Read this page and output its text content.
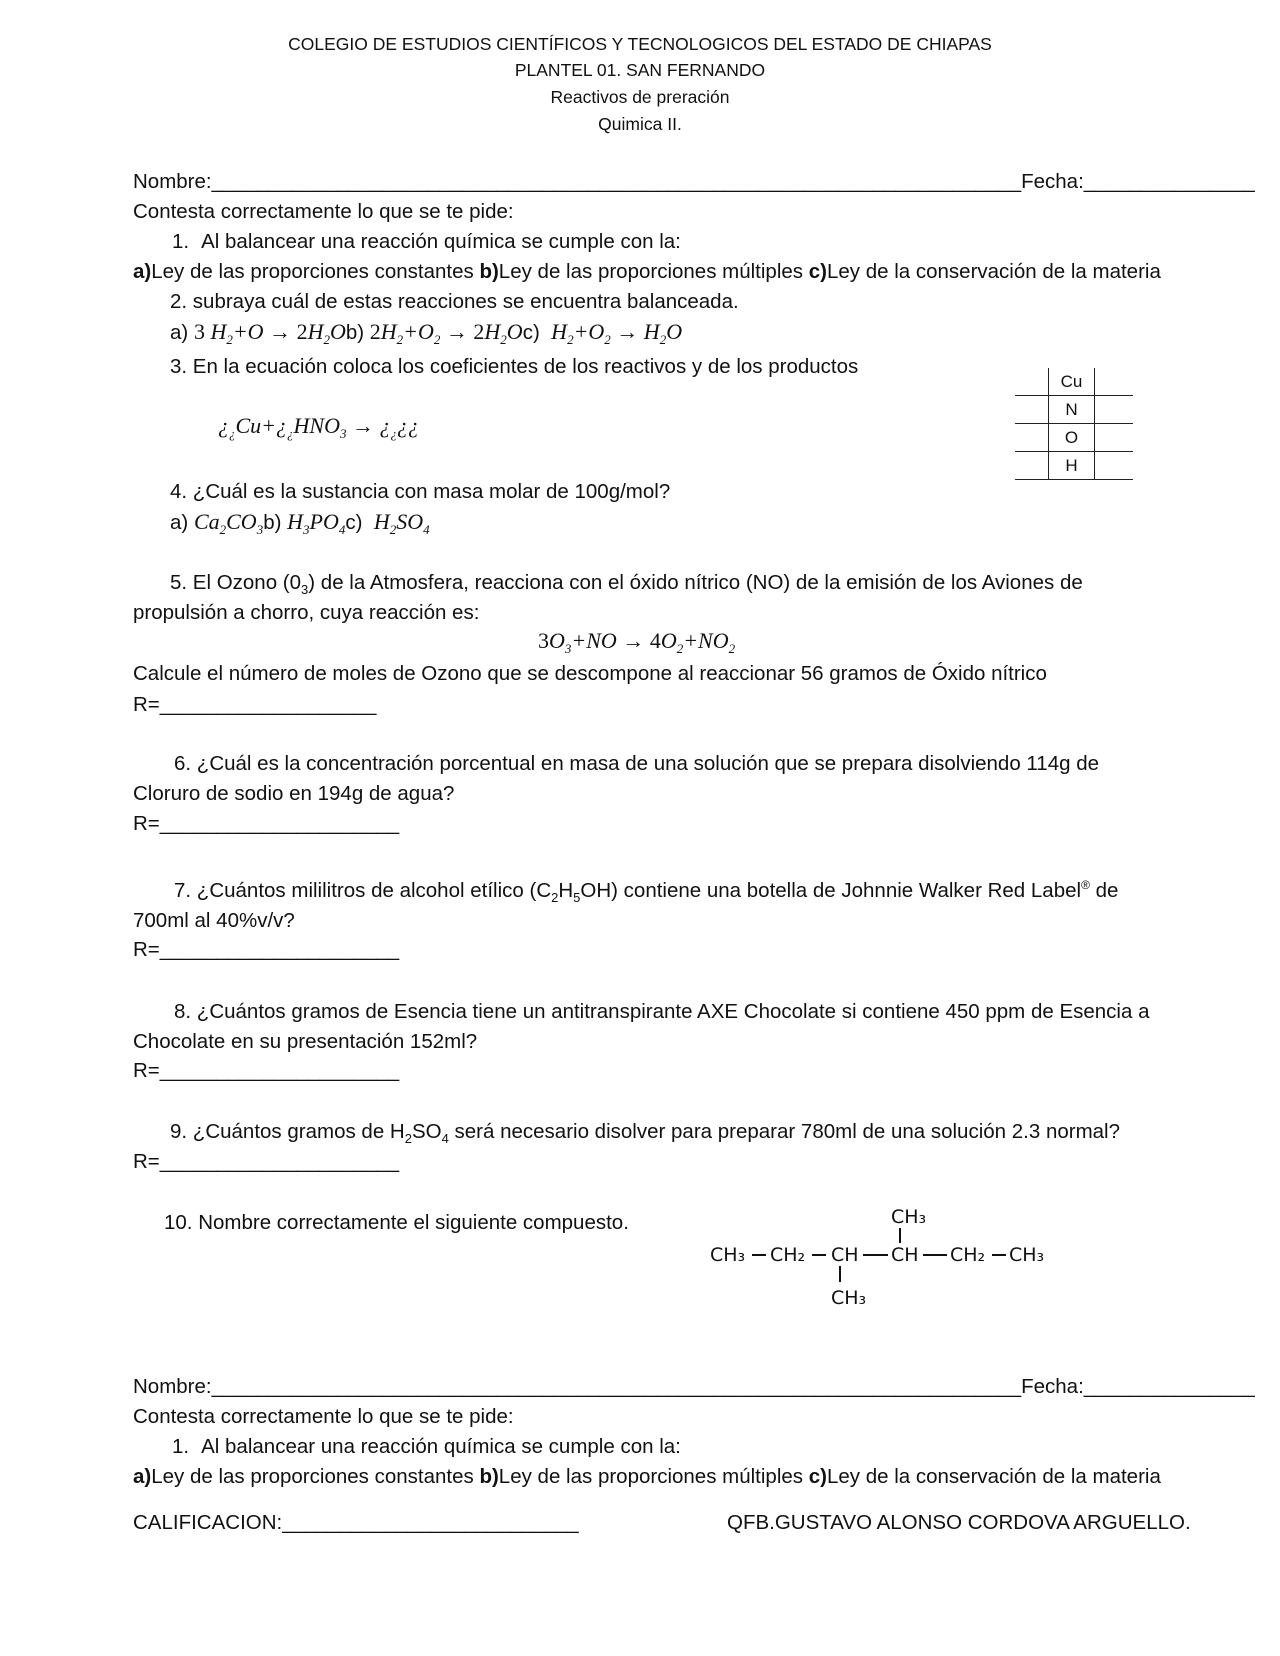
COLEGIO DE ESTUDIOS CIENTÍFICOS Y TECNOLOGICOS DEL ESTADO DE CHIAPAS
PLANTEL 01. SAN FERNANDO
Reactivos de preración
Quimica II.
Nombre:_______________________________________________________________________Fecha:_______________
Contesta correctamente lo que se te pide:
1. Al balancear una reacción química se cumple con la:
a)Ley de las proporciones constantes b)Ley de las proporciones múltiples c)Ley de la conservación de la materia
2. subraya cuál de estas reacciones se encuentra balanceada.
a) 3 $H_2+O \to 2H_2Ob$) $2H_2+O_2 \to 2H_2Oc$) $H_2+O_2 \to H_2O$
3. En la ecuación coloca los coeficientes de los reactivos y de los productos
¿$_¿Cu+¿_¿HNO_3$ → ¿$_¿¿¿$
	Cu	
	N	
	O	
	H	
4. ¿Cuál es la sustancia con masa molar de 100g/mol?
a) $Ca_2CO_3b$) $H_3PO_4c$) $H_2SO_4$
5. El Ozono $(0_3)$ de la Atmosfera, reacciona con el óxido nítrico (NO) de la emisión de los Aviones de
propulsión a chorro, cuya reacción es:
$3O_3+NO \to 4O_2+NO_2$
Calcule el número de moles de Ozono que se descompone al reaccionar 56 gramos de Óxido nítrico
R=___________________
6. ¿Cuál es la concentración porcentual en masa de una solución que se prepara disolviendo 114g de
Cloruro de sodio en 194g de agua?
R=_____________________
7. ¿Cuántos mililitros de alcohol etílico $(C_2H_5OH)$ contiene una botella de Johnnie Walker Red Label® de
700ml al 40%v/v?
R=_____________________
8. ¿Cuántos gramos de Esencia tiene un antitranspirante AXE Chocolate si contiene 450 ppm de Esencia a
Chocolate en su presentación 152ml?
R=_____________________
9. ¿Cuántos gramos de $H_2SO_4$ será necesario disolver para preparar 780ml de una solución 2.3 normal?
R=_____________________
10. Nombre correctamente el siguiente compuesto.	CH₃
CH₃ CH₂ CH CH CH₂ CH₃
CH₃
Nombre:_______________________________________________________________________Fecha:_______________
Contesta correctamente lo que se te pide:
1. Al balancear una reacción química se cumple con la:
a)Ley de las proporciones constantes b)Ley de las proporciones múltiples c)Ley de la conservación de la materia
CALIFICACION:__________________________	QFB.GUSTAVO ALONSO CORDOVA ARGUELLO.
